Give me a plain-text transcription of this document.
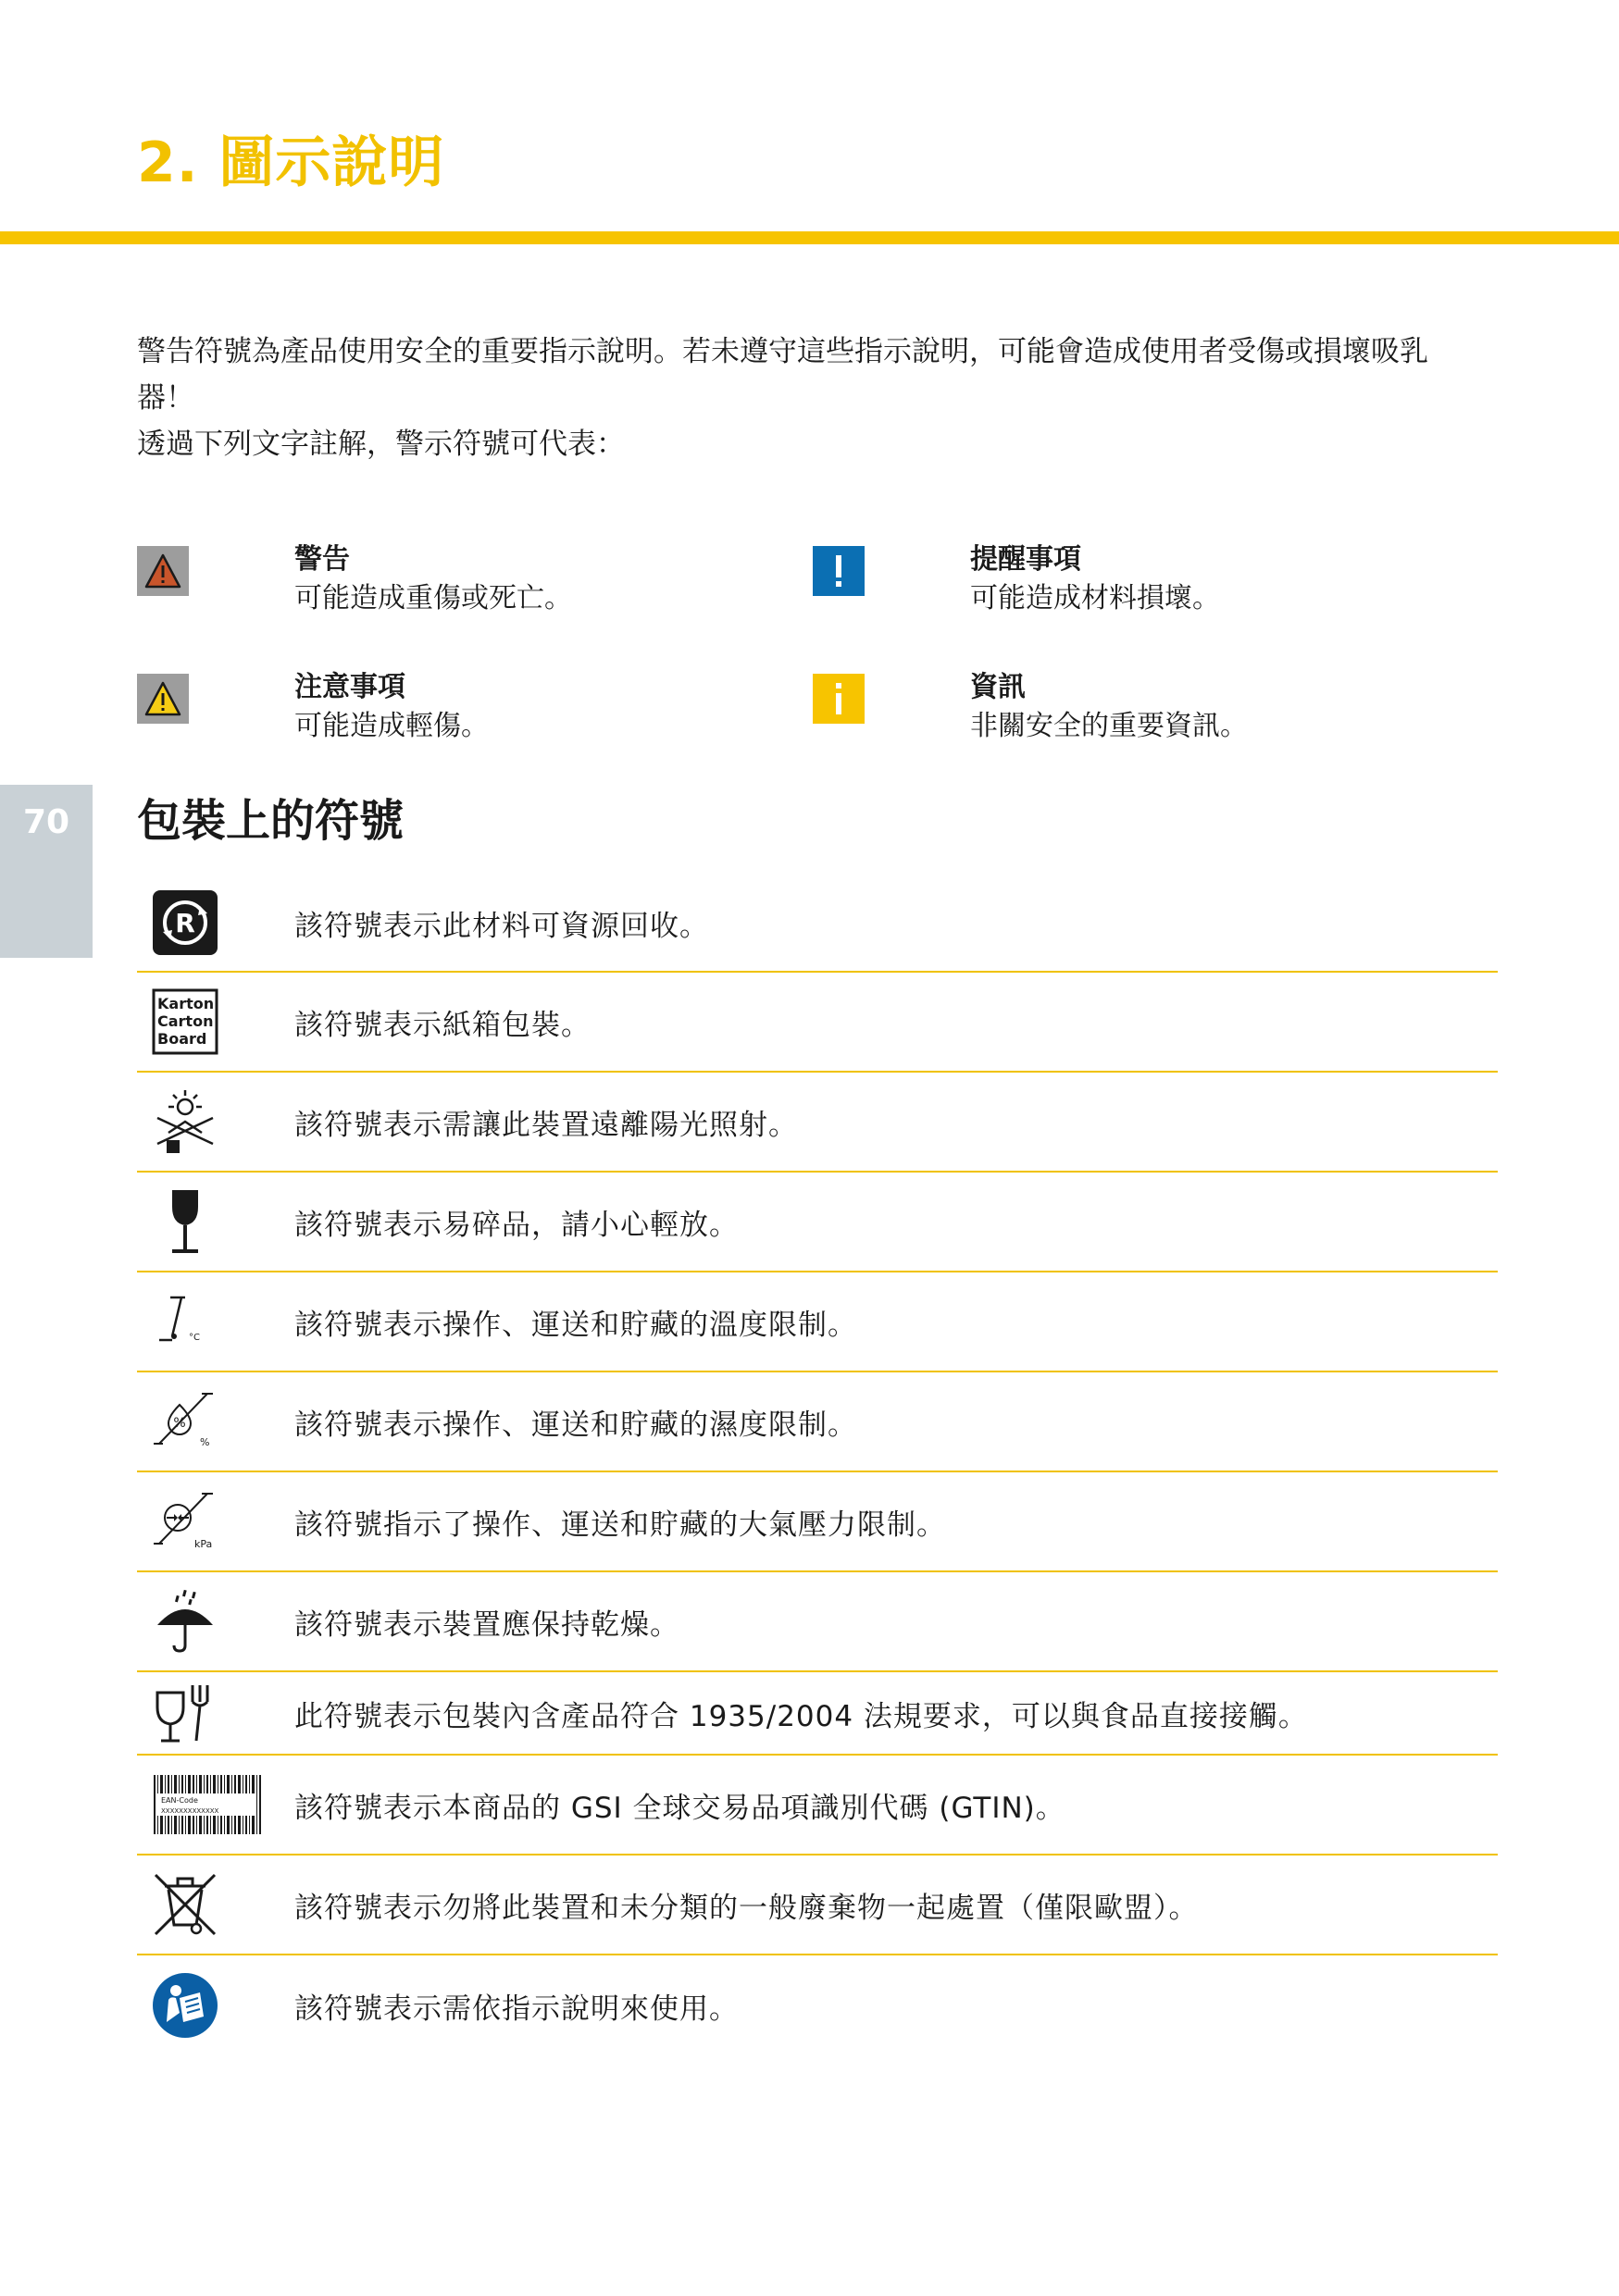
2. 圖示說明

警告符號為產品使用安全的重要指示說明。若未遵守這些指示說明，可能會造成使用者受傷或損壞吸乳器！

透過下列文字註解，警示符號可代表：

警告
可能造成重傷或死亡。
提醒事項
可能造成材料損壞。
注意事項
可能造成輕傷。
資訊
非關安全的重要資訊。
70	包裝上的符號
R	該符號表示此材料可資源回收。
Karton
Carton
Board	該符號表示紙箱包裝。
該符號表示需讓此裝置遠離陽光照射。
該符號表示易碎品，請小心輕放。
°C	該符號表示操作、運送和貯藏的溫度限制。
%
%
該符號表示操作、運送和貯藏的濕度限制。
kPa
該符號指示了操作、運送和貯藏的大氣壓力限制。
該符號表示裝置應保持乾燥。
此符號表示包裝內含產品符合 1935/2004 法規要求，可以與食品直接接觸。
EAN-Code
XXXXXXXXXXXXX	該符號表示本商品的 GSI 全球交易品項識別代碼 (GTIN)。
該符號表示勿將此裝置和未分類的一般廢棄物一起處置（僅限歐盟）。
該符號表示需依指示說明來使用。
